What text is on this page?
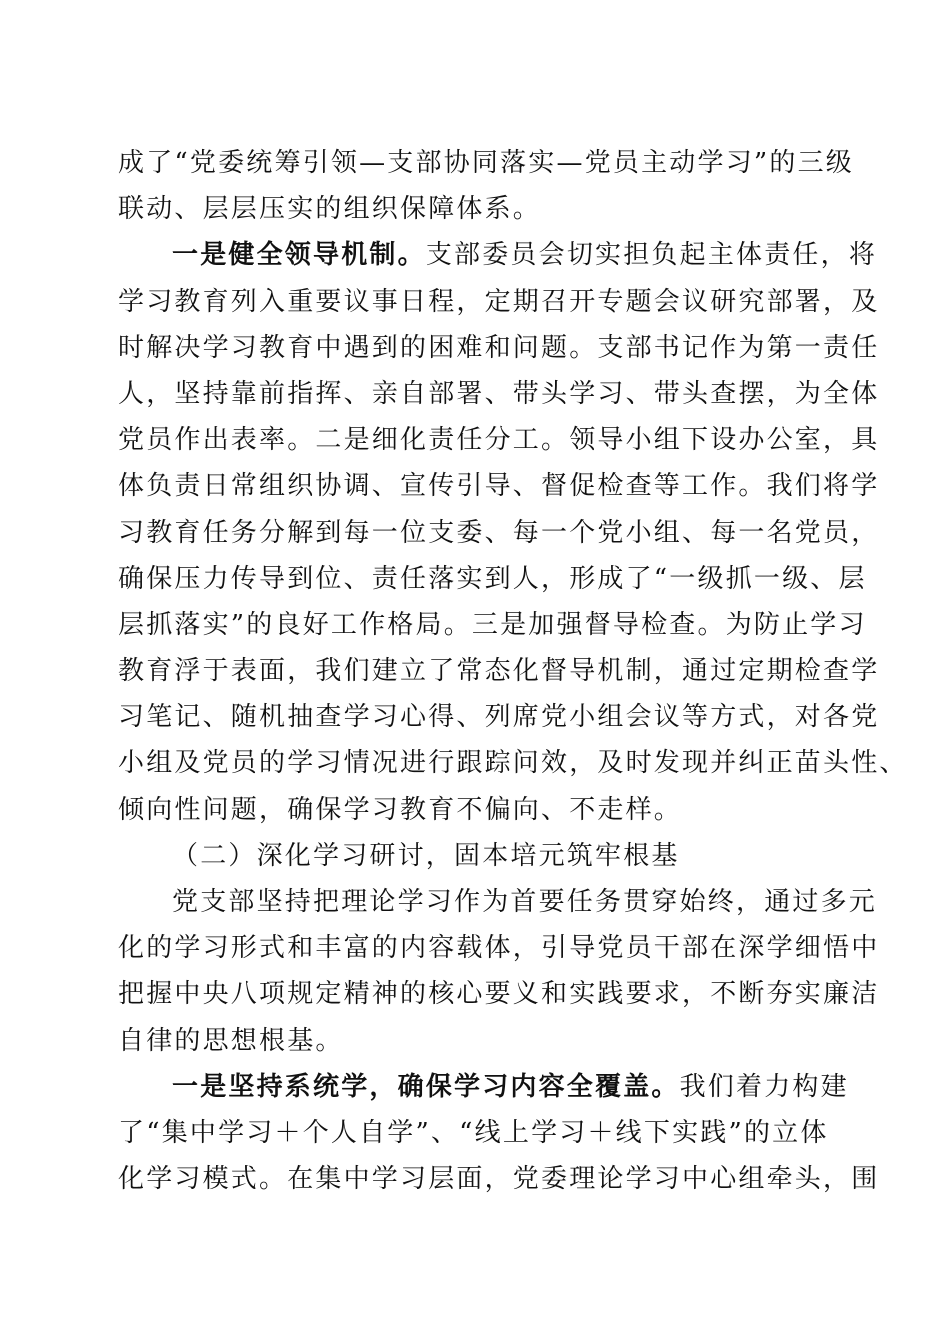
成了“党委统筹引领—支部协同落实—党员主动学习”的三级
联动、层层压实的组织保障体系。
一是健全领导机制。支部委员会切实担负起主体责任，将
学习教育列入重要议事日程，定期召开专题会议研究部署，及
时解决学习教育中遇到的困难和问题。支部书记作为第一责任
人，坚持靠前指挥、亲自部署、带头学习、带头查摆，为全体
党员作出表率。二是细化责任分工。领导小组下设办公室，具
体负责日常组织协调、宣传引导、督促检查等工作。我们将学
习教育任务分解到每一位支委、每一个党小组、每一名党员，
确保压力传导到位、责任落实到人，形成了“一级抓一级、层
层抓落实”的良好工作格局。三是加强督导检查。为防止学习
教育浮于表面，我们建立了常态化督导机制，通过定期检查学
习笔记、随机抽查学习心得、列席党小组会议等方式，对各党
小组及党员的学习情况进行跟踪问效，及时发现并纠正苗头性、
倾向性问题，确保学习教育不偏向、不走样。
（二）深化学习研讨，固本培元筑牢根基
党支部坚持把理论学习作为首要任务贯穿始终，通过多元
化的学习形式和丰富的内容载体，引导党员干部在深学细悟中
把握中央八项规定精神的核心要义和实践要求，不断夯实廉洁
自律的思想根基。
一是坚持系统学，确保学习内容全覆盖。我们着力构建
了“集中学习＋个人自学”、“线上学习＋线下实践”的立体
化学习模式。在集中学习层面，党委理论学习中心组牵头，围
